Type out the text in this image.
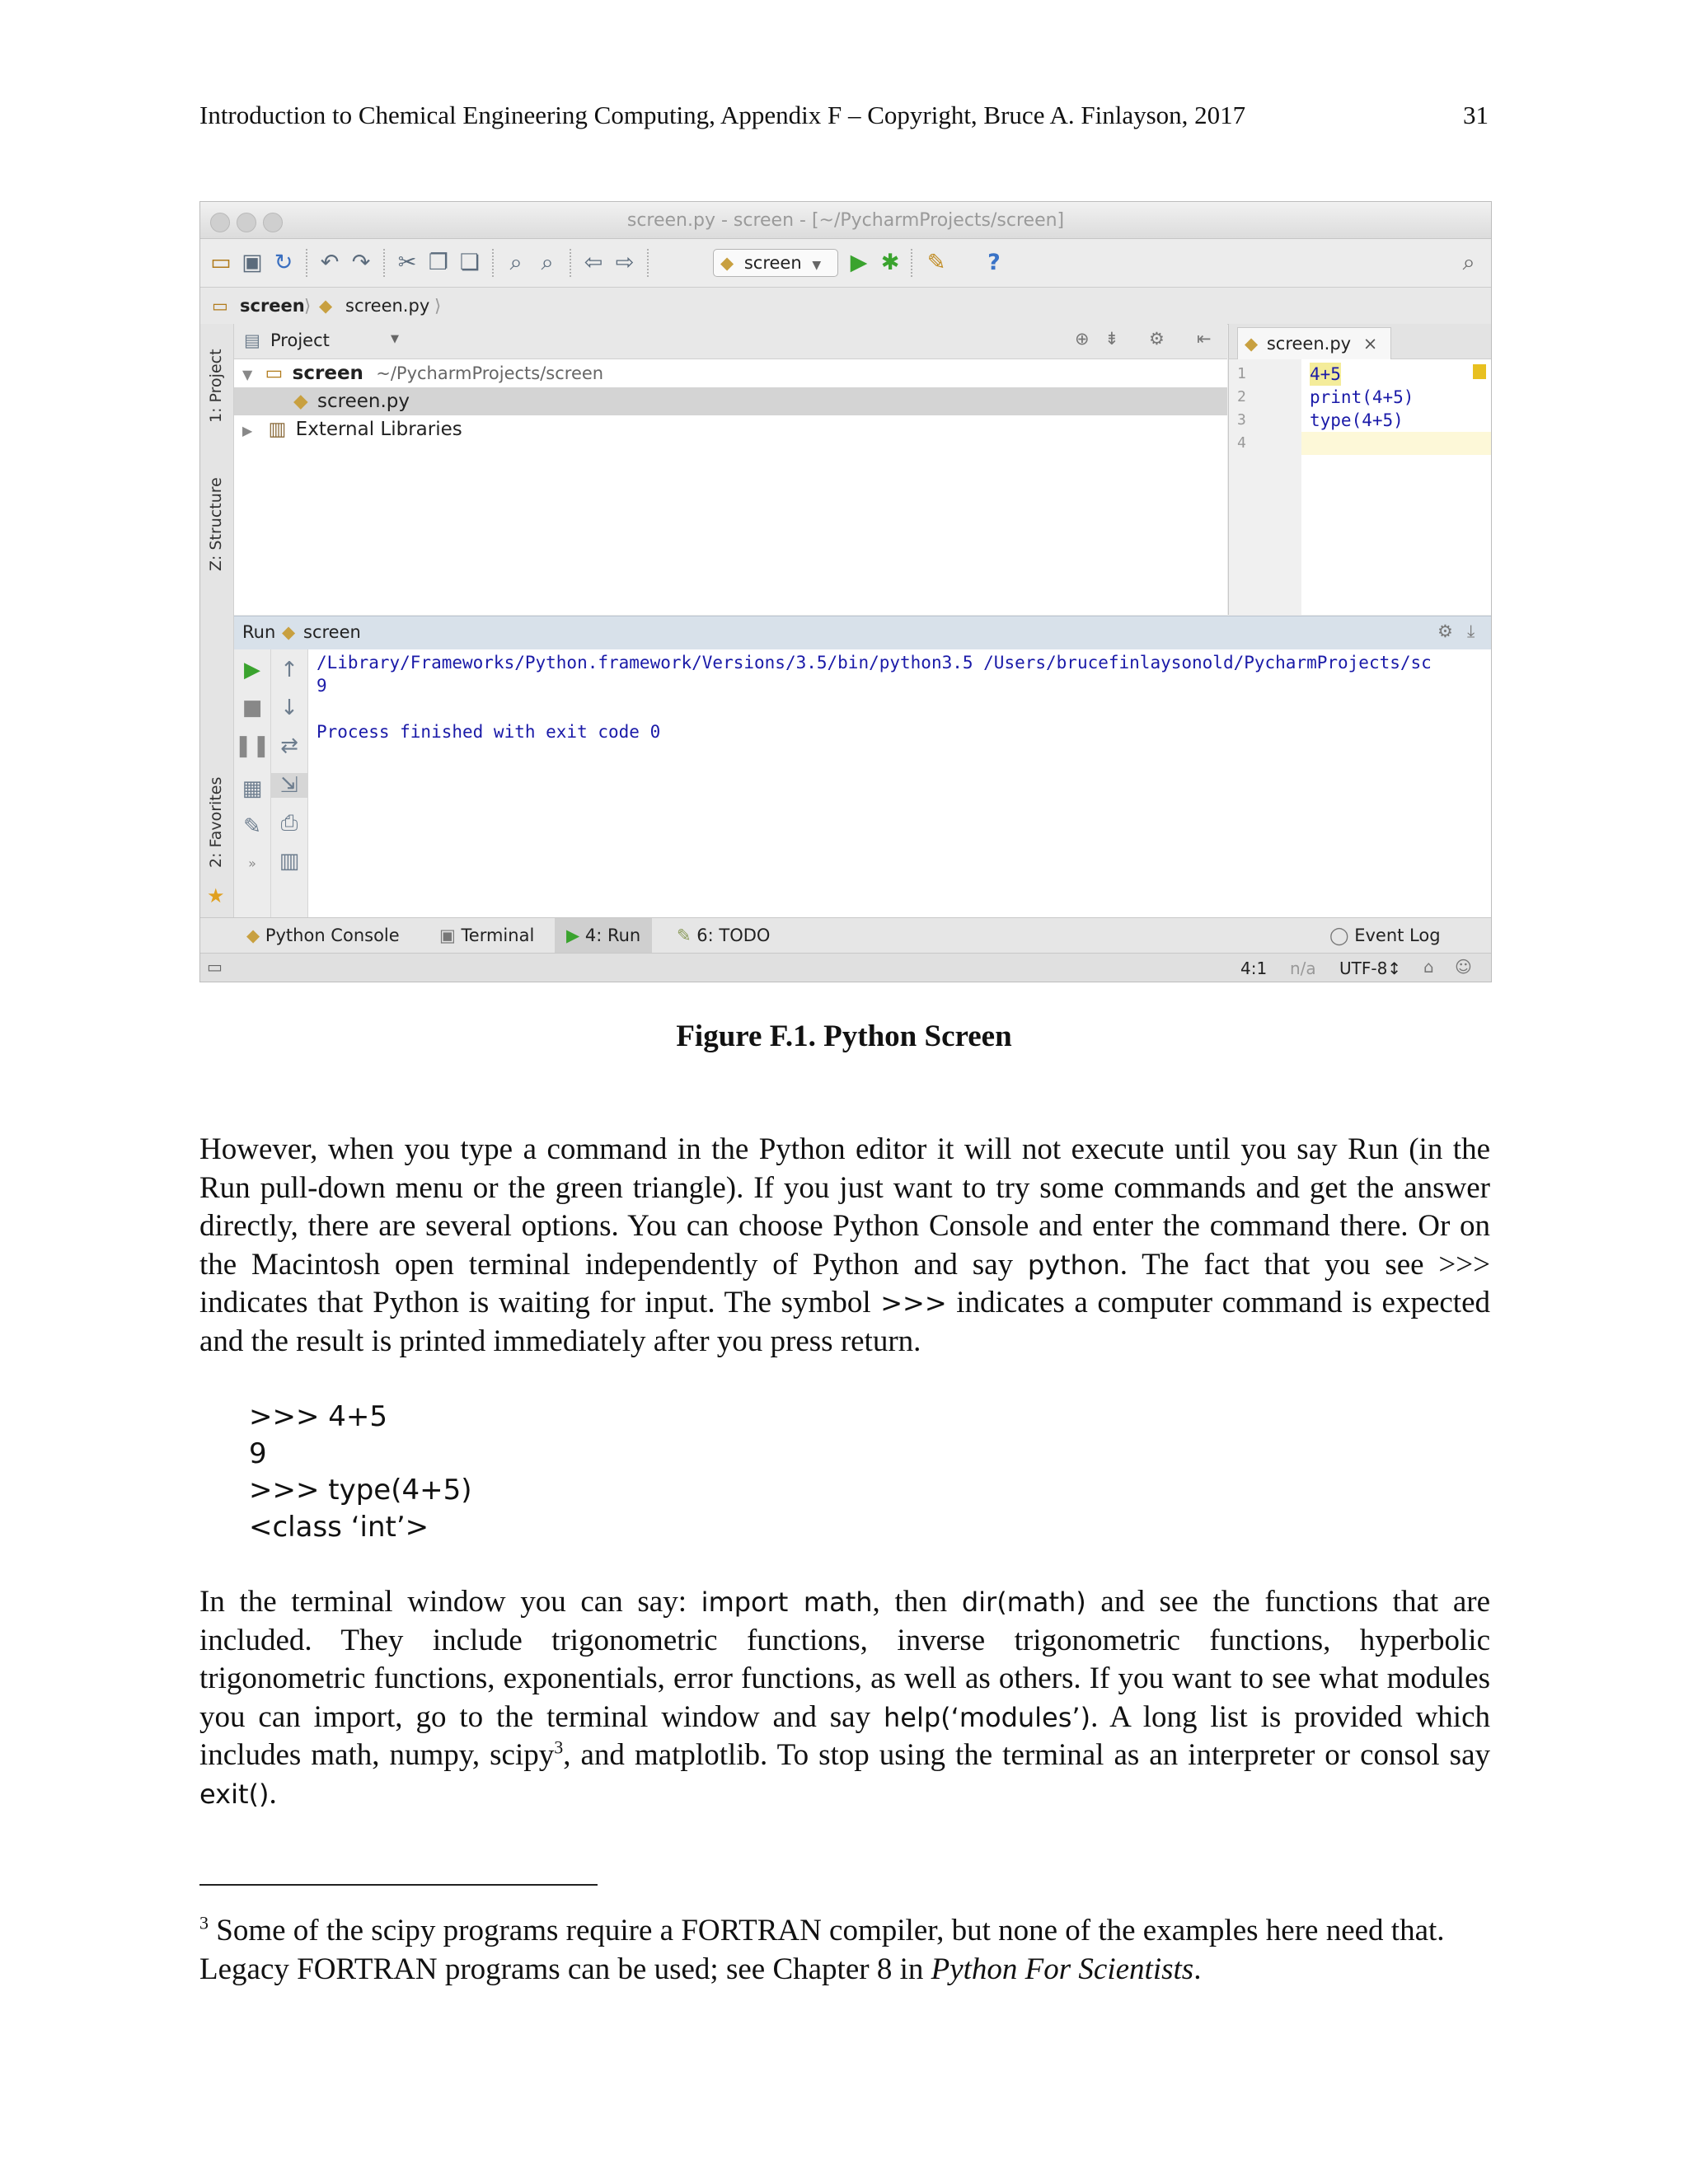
Introduction to Chemical Engineering Computing, Appendix F – Copyright, Bruce A. Finlayson, 2017	31
screen.py - screen - [~/PycharmProjects/screen]
▭ ▣ ↻ ↶ ↷ ✂ ❐ ❏	⌕ ⌕	⇦ ⇨	◆ screen ▼	▶ ✱ ✎	?	⌕
▭ screen ⟩ ◆ screen.py ⟩
1: Project
Z: Structure
2: Favorites
★
▤ Project	▼	⊕ ⇟ ⚙ ⇤
▼ ▭ screen ~/PycharmProjects/screen
◆ screen.py
▶ ▥ External Libraries
◆ screen.py ×
1
2
3
4
4+5
print(4+5)
type(4+5)
Run ◆ screen	⚙ ⤓
▶
■
❚❚
▦
✎
»
↑
↓
⇄
⇲
⎙
▥
/Library/Frameworks/Python.framework/Versions/3.5/bin/python3.5 /Users/brucefinlaysonold/PycharmProjects/sc
9
Process finished with exit code 0
◆ Python Console ▣ Terminal	▶ 4: Run	✎ 6: TODO	◯ Event Log
▭	4:1 n/a UTF-8↕ ⌂ ☺
Figure F.1. Python Screen
However, when you type a command in the Python editor it will not execute until you say Run (in the Run pull-down menu or the green triangle). If you just want to try some commands and get the answer directly, there are several options. You can choose Python Console and enter the command there. Or on the Macintosh open terminal independently of Python and say python. The fact that you see >>> indicates that Python is waiting for input. The symbol >>> indicates a computer command is expected and the result is printed immediately after you press return.
>>> 4+5
9
>>> type(4+5)
<class ‘int’>
In the terminal window you can say: import math, then dir(math) and see the functions that are included. They include trigonometric functions, inverse trigonometric functions, hyperbolic trigonometric functions, exponentials, error functions, as well as others. If you want to see what modules you can import, go to the terminal window and say help(‘modules’). A long list is provided which includes math, numpy, scipy$^3$, and matplotlib. To stop using the terminal as an interpreter or consol say exit().
$^3$ Some of the scipy programs require a FORTRAN compiler, but none of the examples here need that. Legacy FORTRAN programs can be used; see Chapter 8 in Python For Scientists.
